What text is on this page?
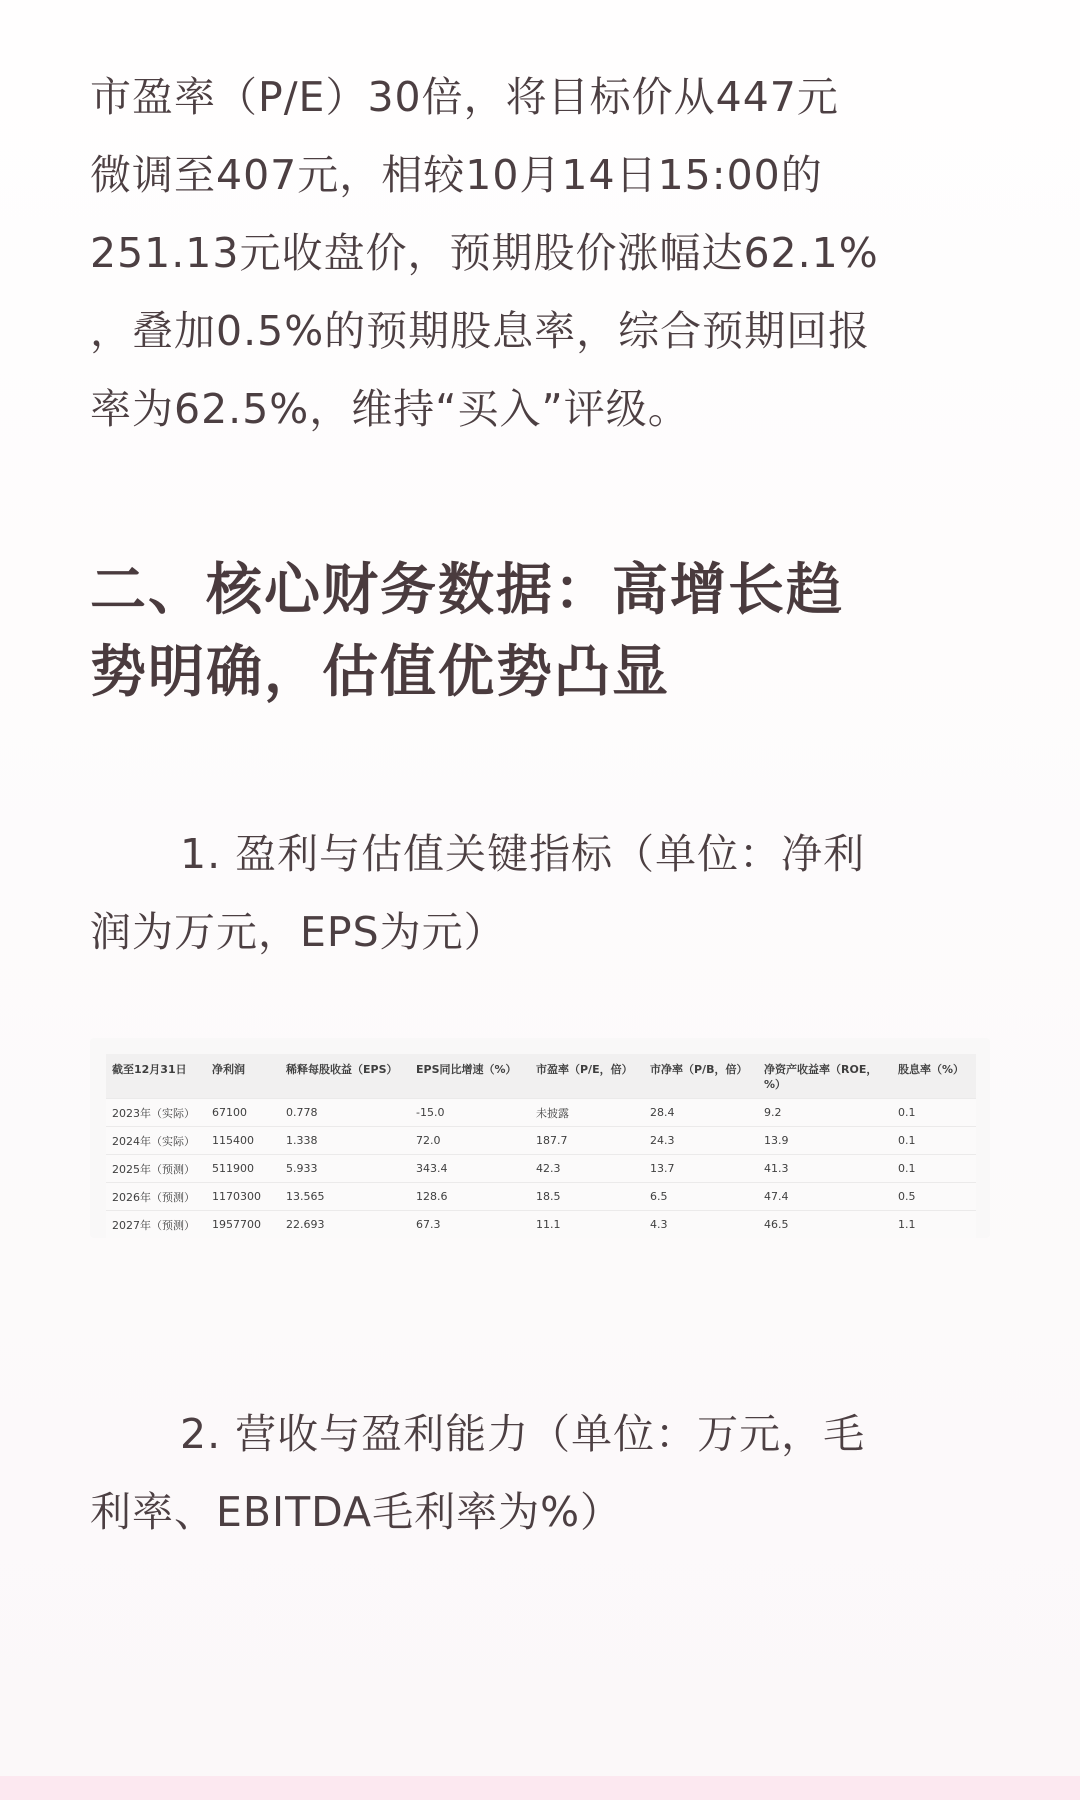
市盈率（P/E）30倍，将目标价从447元
微调至407元，相较10月14日15:00的
251.13元收盘价，预期股价涨幅达62.1%
，叠加0.5%的预期股息率，综合预期回报
率为62.5%，维持“买入”评级。

二、核心财务数据：高增长趋
势明确，估值优势凸显

1. 盈利与估值关键指标（单位：净利
润为万元，EPS为元）

截至12月31日	净利润	稀释每股收益（EPS）	EPS同比增速（%）	市盈率（P/E，倍）	市净率（P/B，倍）	净资产收益率（ROE，%）	股息率（%）
2023年（实际）	67100	0.778	-15.0	未披露	28.4	9.2	0.1
2024年（实际）	115400	1.338	72.0	187.7	24.3	13.9	0.1
2025年（预测）	511900	5.933	343.4	42.3	13.7	41.3	0.1
2026年（预测）	1170300	13.565	128.6	18.5	6.5	47.4	0.5
2027年（预测）	1957700	22.693	67.3	11.1	4.3	46.5	1.1

2. 营收与盈利能力（单位：万元，毛
利率、EBITDA毛利率为%）
